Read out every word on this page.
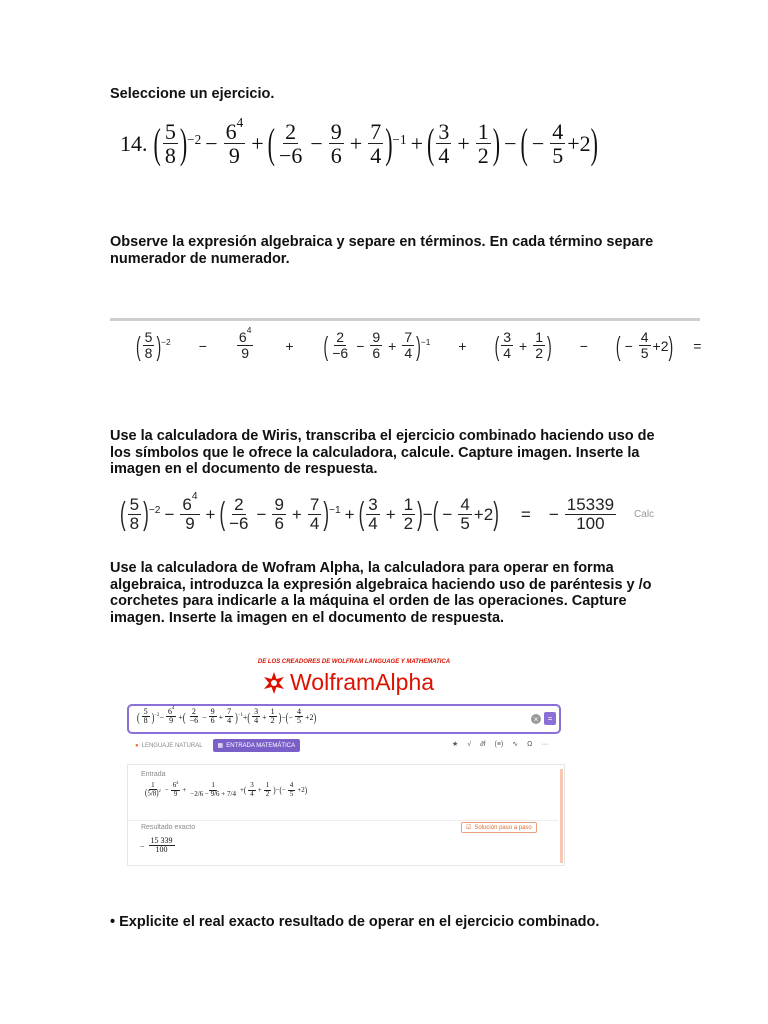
Seleccione un ejercicio.
14. ( $\frac{5}{8} )^{-2} - \frac{6^4}{9}$ + ( $\frac{2}{-6} - \frac{9}{6} + \frac{7}{4} )^{-1}$ + ( $\frac{3}{4} + \frac{1}{2}$ ) − ( − $\frac{4}{5} + 2$ )
Observe la expresión algebraica y separe en términos. En cada término separe numerador de numerador.
( $\frac{5}{8} )^{-2} - \frac{6^4}{9}$ + ( $\frac{2}{-6} - \frac{9}{6} + \frac{7}{4} )^{-1}$ + ( $\frac{3}{4} + \frac{1}{2}$ ) − ( − $\frac{4}{5} + 2$ ) =
Use la calculadora de Wiris, transcriba el ejercicio combinado haciendo uso de los símbolos que le ofrece la calculadora, calcule. Capture imagen. Inserte la imagen en el documento de respuesta.
( $\frac{5}{8} )^{-2} - \frac{6^4}{9}$ + ( $\frac{2}{-6} - \frac{9}{6} + \frac{7}{4} )^{-1}$ + ( $\frac{3}{4} + \frac{1}{2}$ ) − ( − $\frac{4}{5} + 2$ ) = − $\frac{15339}{100}$ Calc
Use la calculadora de Wofram Alpha, la calculadora para operar en forma algebraica, introduzca la expresión algebraica haciendo uso de paréntesis y /o corchetes para indicarle a la máquina el orden de las operaciones. Capture imagen. Inserte la imagen en el documento de respuesta.
DE LOS CREADORES DE WOLFRAM LANGUAGE Y MATHEMATICA
Wolfram Alpha
( $\frac{5}{8} )^{-2} - \frac{6^4}{9}$ + ( $\frac{2}{-6} - \frac{9}{6} + \frac{7}{4} )^{-1}$ + ( $\frac{3}{4} + \frac{1}{2}$ ) − ( − $\frac{4}{5} + 2$ )	×	=
● LENGUAJE NATURAL	▦ ENTRADA MATEMÁTICA	★ √ ∂f (≡) ∿ Ω ···
Entrada
$\frac{1}{(5/8)^2} - \frac{6^4}{9} + \frac{1}{-2/6 - 9/6 + 7/4}$ + ( $\frac{3}{4} + \frac{1}{2}$ ) − ( − $\frac{4}{5} + 2$ )
Resultado exacto	☑ Solución paso a paso
− $\frac{15 339}{100}$
• Explicite el real exacto resultado de operar en el ejercicio combinado.
